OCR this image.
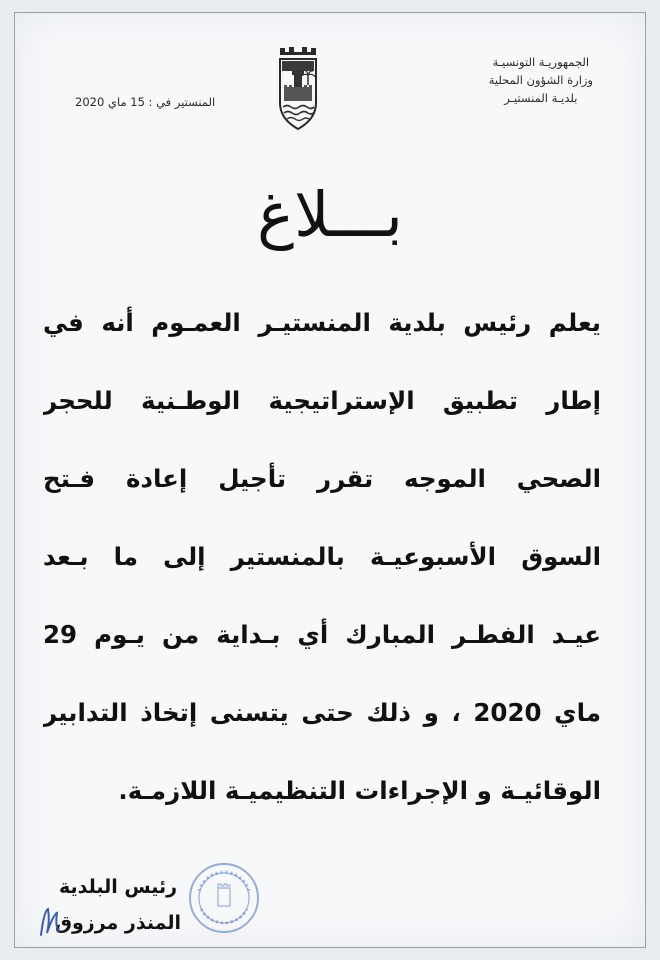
الجمهوريـة التونسيـة
وزارة الشؤون المحلية
بلديـة المنستيـر
المنستير في : 15 ماي 2020
بـــلاغ
يعلم رئيس بلدية المنستيـر العمـوم أنه في
إطار تطبيق الإستراتيجية الوطـنية للحجر
الصحي الموجه تقرر تأجيل إعادة فـتح
السوق الأسبوعيـة بالمنستير إلى ما بـعد
عيـد الفطـر المبارك أي بـداية من يـوم 29
ماي 2020 ، و ذلك حتى يتسنى إتخاذ التدابير
الوقائيـة و الإجراءات التنظيميـة اللازمـة.
رئيس البلدية
المنذر مرزوق
